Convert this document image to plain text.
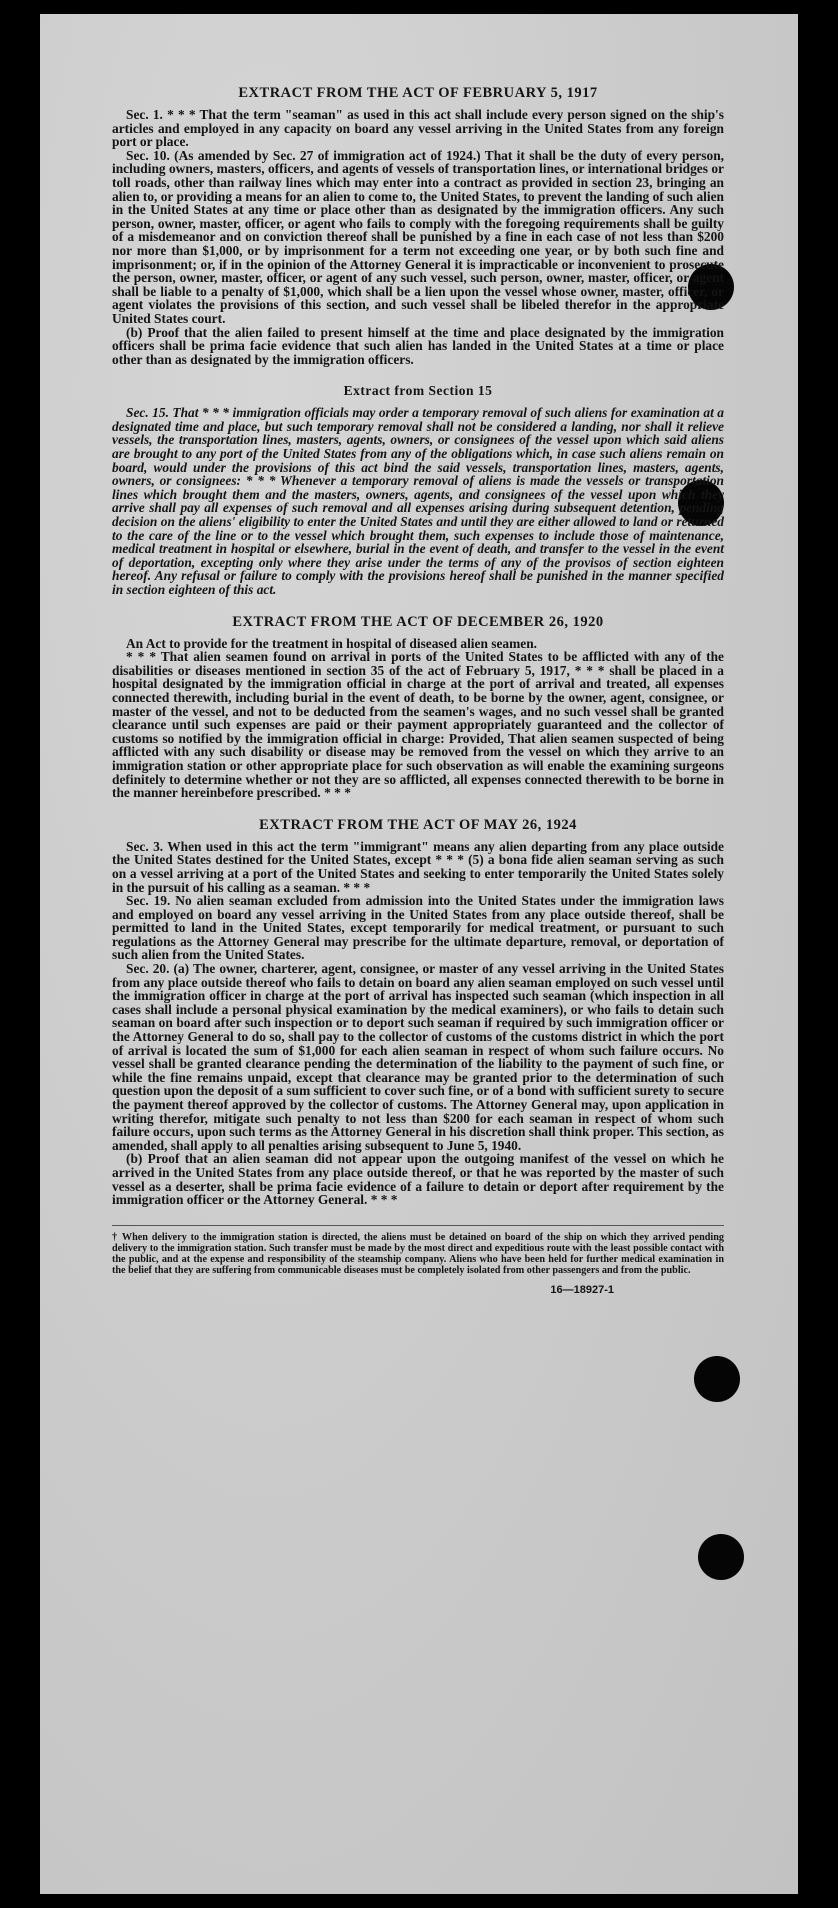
EXTRACT FROM THE ACT OF FEBRUARY 5, 1917

Sec. 1. * * * That the term "seaman" as used in this act shall include every person signed on the ship's articles and employed in any capacity on board any vessel arriving in the United States from any foreign port or place.

Sec. 10. (As amended by Sec. 27 of immigration act of 1924.) That it shall be the duty of every person, including owners, masters, officers, and agents of vessels of transportation lines, or international bridges or toll roads, other than railway lines which may enter into a contract as provided in section 23, bringing an alien to, or providing a means for an alien to come to, the United States, to prevent the landing of such alien in the United States at any time or place other than as designated by the immigration officers. Any such person, owner, master, officer, or agent who fails to comply with the foregoing requirements shall be guilty of a misdemeanor and on conviction thereof shall be punished by a fine in each case of not less than $200 nor more than $1,000, or by imprisonment for a term not exceeding one year, or by both such fine and imprisonment; or, if in the opinion of the Attorney General it is impracticable or inconvenient to prosecute the person, owner, master, officer, or agent of any such vessel, such person, owner, master, officer, or agent shall be liable to a penalty of $1,000, which shall be a lien upon the vessel whose owner, master, officer, or agent violates the provisions of this section, and such vessel shall be libeled therefor in the appropriate United States court.

(b) Proof that the alien failed to present himself at the time and place designated by the immigration officers shall be prima facie evidence that such alien has landed in the United States at a time or place other than as designated by the immigration officers.

Extract from Section 15

Sec. 15. That * * * immigration officials may order a temporary removal of such aliens for examination at a designated time and place, but such temporary removal shall not be considered a landing, nor shall it relieve vessels, the transportation lines, masters, agents, owners, or consignees of the vessel upon which said aliens are brought to any port of the United States from any of the obligations which, in case such aliens remain on board, would under the provisions of this act bind the said vessels, transportation lines, masters, agents, owners, or consignees: * * * Whenever a temporary removal of aliens is made the vessels or transportation lines which brought them and the masters, owners, agents, and consignees of the vessel upon which they arrive shall pay all expenses of such removal and all expenses arising during subsequent detention, pending decision on the aliens' eligibility to enter the United States and until they are either allowed to land or returned to the care of the line or to the vessel which brought them, such expenses to include those of maintenance, medical treatment in hospital or elsewhere, burial in the event of death, and transfer to the vessel in the event of deportation, excepting only where they arise under the terms of any of the provisos of section eighteen hereof. Any refusal or failure to comply with the provisions hereof shall be punished in the manner specified in section eighteen of this act.

EXTRACT FROM THE ACT OF DECEMBER 26, 1920

An Act to provide for the treatment in hospital of diseased alien seamen.

* * * That alien seamen found on arrival in ports of the United States to be afflicted with any of the disabilities or diseases mentioned in section 35 of the act of February 5, 1917, * * * shall be placed in a hospital designated by the immigration official in charge at the port of arrival and treated, all expenses connected therewith, including burial in the event of death, to be borne by the owner, agent, consignee, or master of the vessel, and not to be deducted from the seamen's wages, and no such vessel shall be granted clearance until such expenses are paid or their payment appropriately guaranteed and the collector of customs so notified by the immigration official in charge: Provided, That alien seamen suspected of being afflicted with any such disability or disease may be removed from the vessel on which they arrive to an immigration station or other appropriate place for such observation as will enable the examining surgeons definitely to determine whether or not they are so afflicted, all expenses connected therewith to be borne in the manner hereinbefore prescribed. * * *

EXTRACT FROM THE ACT OF MAY 26, 1924

Sec. 3. When used in this act the term "immigrant" means any alien departing from any place outside the United States destined for the United States, except * * * (5) a bona fide alien seaman serving as such on a vessel arriving at a port of the United States and seeking to enter temporarily the United States solely in the pursuit of his calling as a seaman. * * *

Sec. 19. No alien seaman excluded from admission into the United States under the immigration laws and employed on board any vessel arriving in the United States from any place outside thereof, shall be permitted to land in the United States, except temporarily for medical treatment, or pursuant to such regulations as the Attorney General may prescribe for the ultimate departure, removal, or deportation of such alien from the United States.

Sec. 20. (a) The owner, charterer, agent, consignee, or master of any vessel arriving in the United States from any place outside thereof who fails to detain on board any alien seaman employed on such vessel until the immigration officer in charge at the port of arrival has inspected such seaman (which inspection in all cases shall include a personal physical examination by the medical examiners), or who fails to detain such seaman on board after such inspection or to deport such seaman if required by such immigration officer or the Attorney General to do so, shall pay to the collector of customs of the customs district in which the port of arrival is located the sum of $1,000 for each alien seaman in respect of whom such failure occurs. No vessel shall be granted clearance pending the determination of the liability to the payment of such fine, or while the fine remains unpaid, except that clearance may be granted prior to the determination of such question upon the deposit of a sum sufficient to cover such fine, or of a bond with sufficient surety to secure the payment thereof approved by the collector of customs. The Attorney General may, upon application in writing therefor, mitigate such penalty to not less than $200 for each seaman in respect of whom such failure occurs, upon such terms as the Attorney General in his discretion shall think proper. This section, as amended, shall apply to all penalties arising subsequent to June 5, 1940.

(b) Proof that an alien seaman did not appear upon the outgoing manifest of the vessel on which he arrived in the United States from any place outside thereof, or that he was reported by the master of such vessel as a deserter, shall be prima facie evidence of a failure to detain or deport after requirement by the immigration officer or the Attorney General. * * *

† When delivery to the immigration station is directed, the aliens must be detained on board of the ship on which they arrived pending delivery to the immigration station. Such transfer must be made by the most direct and expeditious route with the least possible contact with the public, and at the expense and responsibility of the steamship company. Aliens who have been held for further medical examination in the belief that they are suffering from communicable diseases must be completely isolated from other passengers and from the public.
16—18927-1
